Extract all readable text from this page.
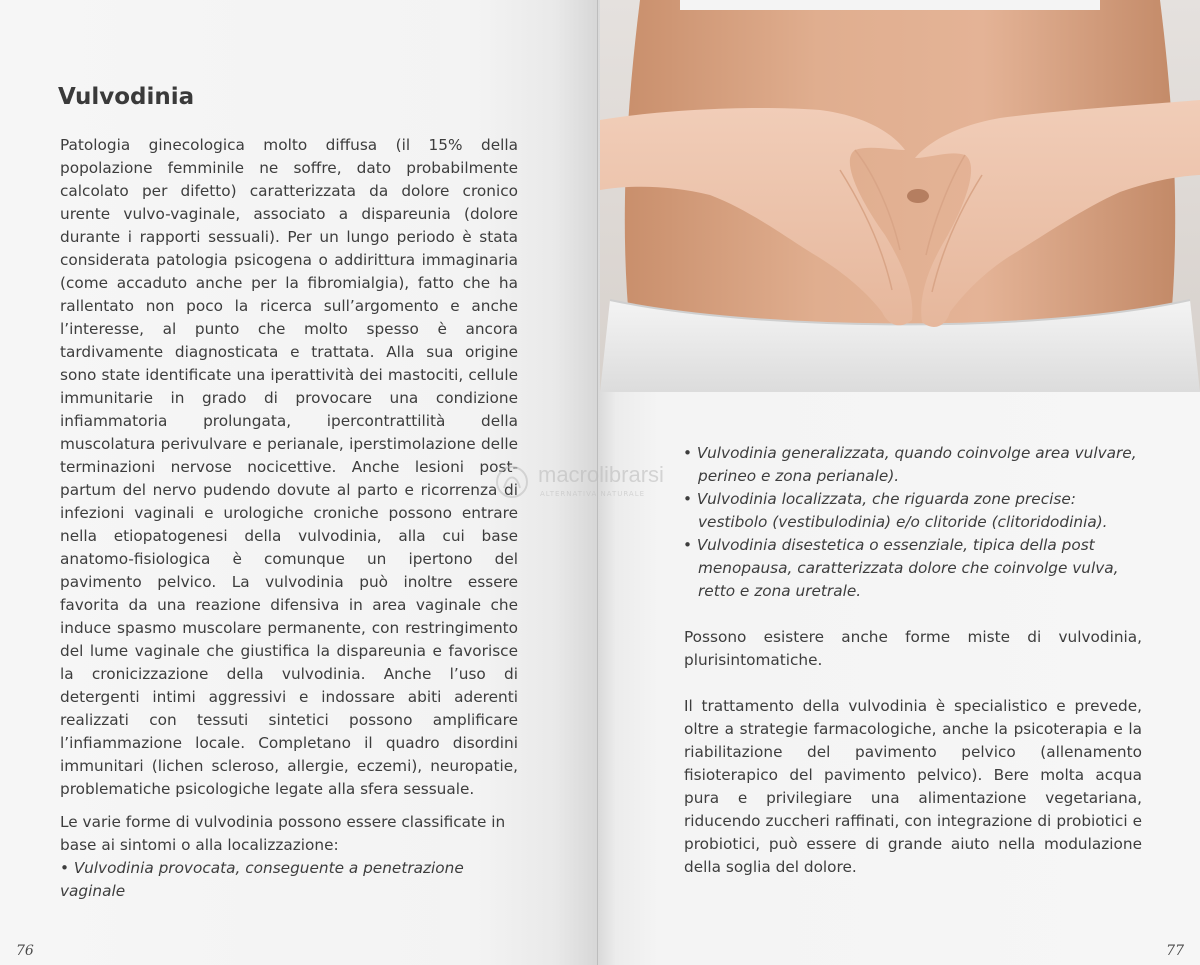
Vulvodinia

Patologia ginecologica molto diffusa (il 15% della popolazione femminile ne soffre, dato probabilmente calcolato per difetto) caratterizzata da dolore cronico urente vulvo-vaginale, associato a dispareunia (dolore durante i rapporti sessuali). Per un lungo periodo è stata considerata patologia psicogena o addirittura immaginaria (come accaduto anche per la fibromialgia), fatto che ha rallentato non poco la ricerca sull’argomento e anche l’interesse, al punto che molto spesso è ancora tardivamente diagnosticata e trattata. Alla sua origine sono state identificate una iperattività dei mastociti, cellule immunitarie in grado di provocare una condizione infiammatoria prolungata, ipercontrattilità della muscolatura perivulvare e perianale, iperstimolazione delle terminazioni nervose nocicettive. Anche lesioni post-partum del nervo pudendo dovute al parto e ricorrenza di infezioni vaginali e urologiche croniche possono entrare nella etiopatogenesi della vulvodinia, alla cui base anatomo-fisiologica è comunque un ipertono del pavimento pelvico. La vulvodinia può inoltre essere favorita da una reazione difensiva in area vaginale che induce spasmo muscolare permanente, con restringimento del lume vaginale che giustifica la dispareunia e favorisce la cronicizzazione della vulvodinia. Anche l’uso di detergenti intimi aggressivi e indossare abiti aderenti realizzati con tessuti sintetici possono amplificare l’infiammazione locale. Completano il quadro disordini immunitari (lichen scleroso, allergie, eczemi), neuropatie, problematiche psicologiche legate alla sfera sessuale.

Le varie forme di vulvodinia possono essere classificate in base ai sintomi o alla localizzazione:

• Vulvodinia provocata, conseguente a penetrazione vaginale
76	77
• Vulvodinia generalizzata, quando coinvolge area vulvare, perineo e zona perianale).
• Vulvodinia localizzata, che riguarda zone precise: vestibolo (vestibulodinia) e/o clitoride (clitoridodinia).
• Vulvodinia disestetica o essenziale, tipica della post menopausa, caratterizzata dolore che coinvolge vulva, retto e zona uretrale.

Possono esistere anche forme miste di vulvodinia, plurisintomatiche.

Il trattamento della vulvodinia è specialistico e prevede, oltre a strategie farmacologiche, anche la psicoterapia e la riabilitazione del pavimento pelvico (allenamento fisioterapico del pavimento pelvico). Bere molta acqua pura e privilegiare una alimentazione vegetariana, riducendo zuccheri raffinati, con integrazione di probiotici e probiotici, può essere di grande aiuto nella modulazione della soglia del dolore.

macrolibrarsi
ALTERNATIVA NATURALE
